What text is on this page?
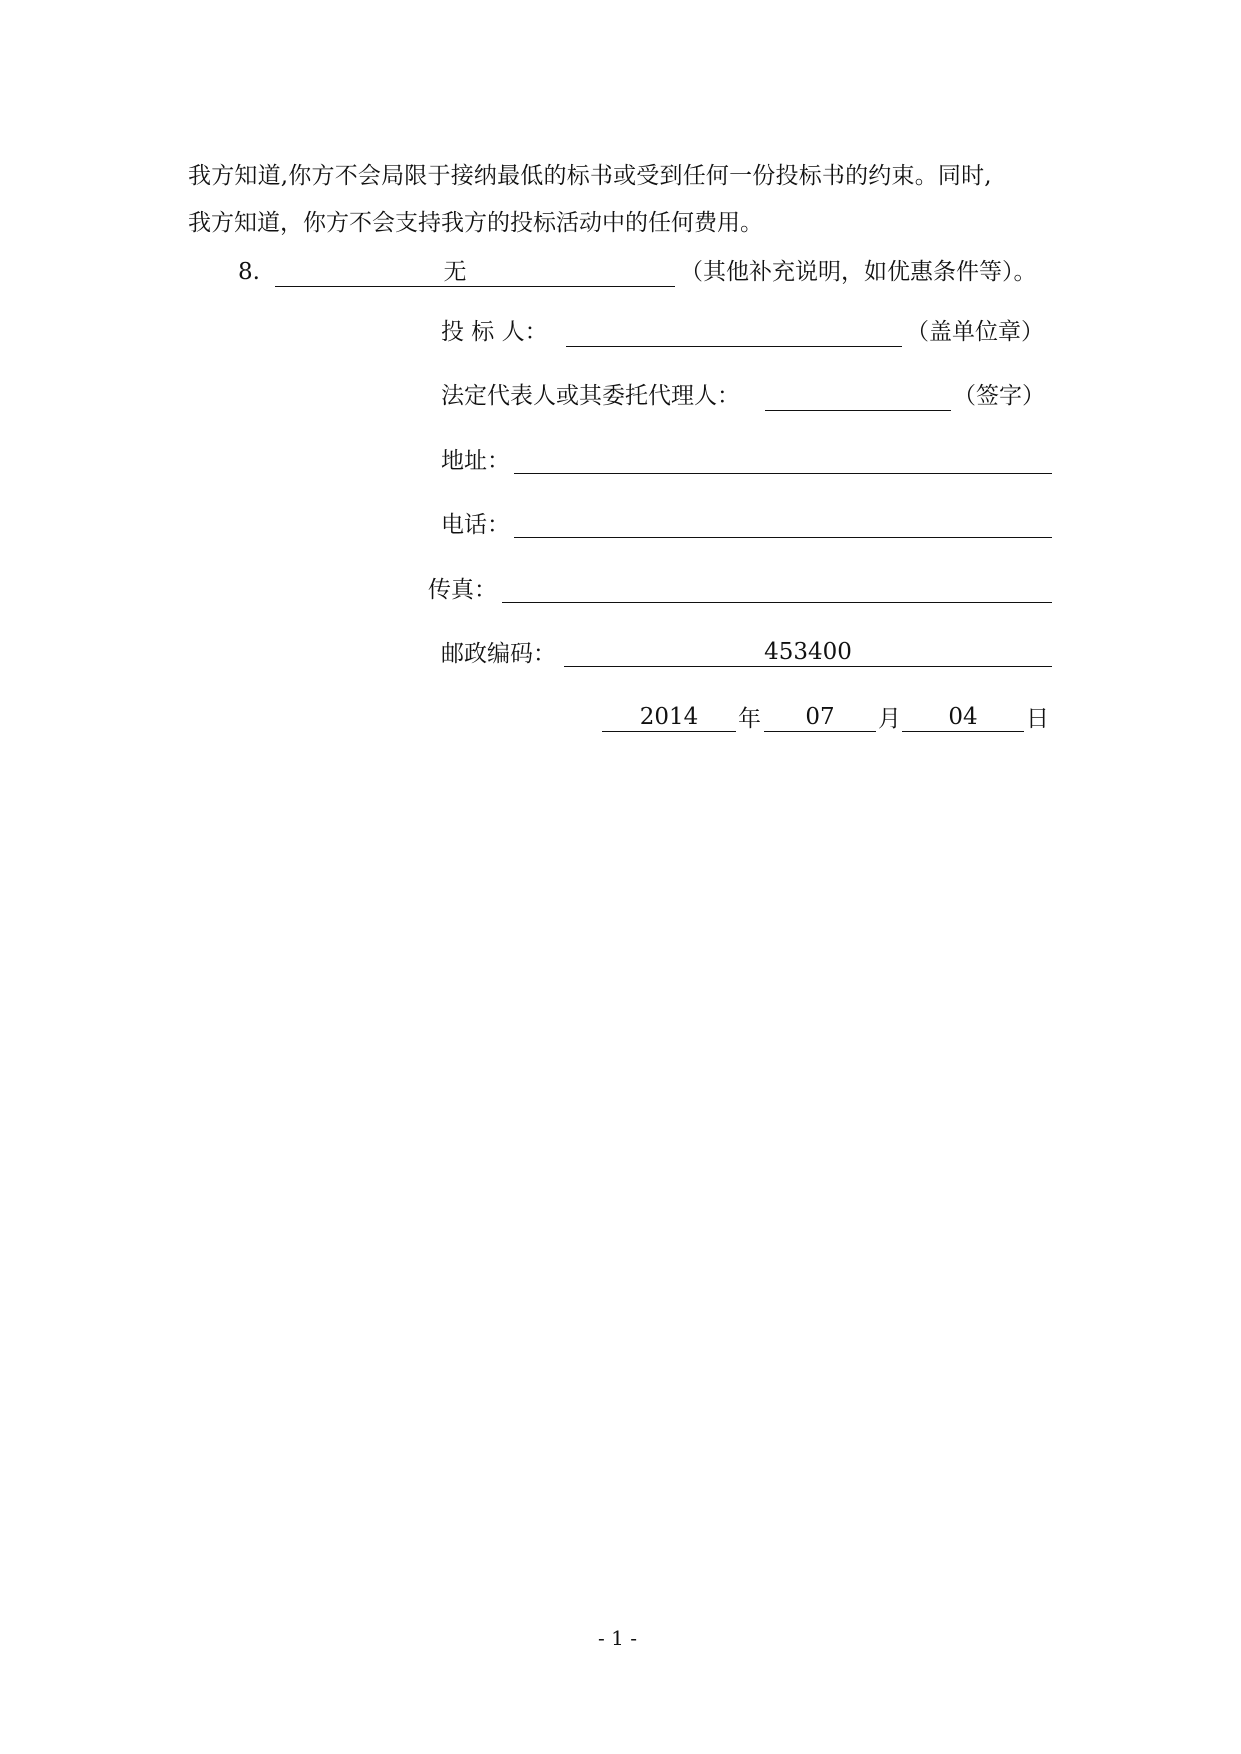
我方知道,你方不会局限于接纳最低的标书或受到任何一份投标书的约束。同时,
我方知道，你方不会支持我方的投标活动中的任何费用。
8.	无	（其他补充说明，如优惠条件等）。
投 标 人：	（盖单位章）
法定代表人或其委托代理人：	（签字）
地址：
电话：
传真：
邮政编码：	453400
2014	年	07	月	04	日
- 1 -
